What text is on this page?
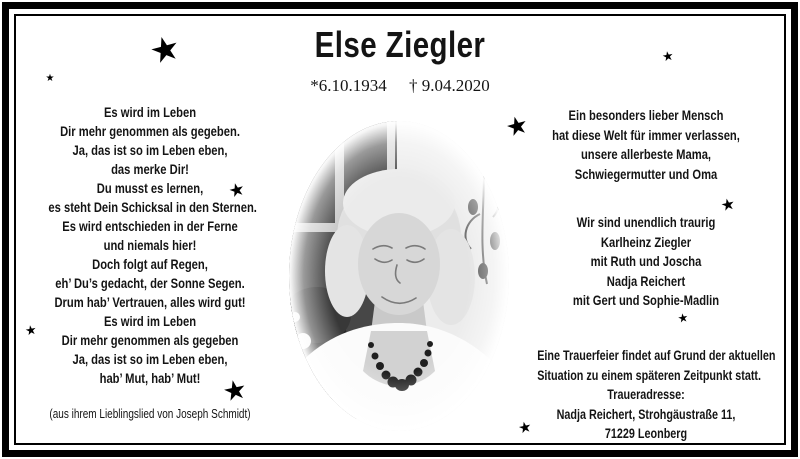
Else Ziegler
*6.10.1934 † 9.04.2020
Es wird im Leben
Dir mehr genommen als gegeben.
Ja, das ist so im Leben eben,
das merke Dir!
Du musst es lernen,
es steht Dein Schicksal in den Sternen.
Es wird entschieden in der Ferne
und niemals hier!
Doch folgt auf Regen,
eh’ Du’s gedacht, der Sonne Segen.
Drum hab’ Vertrauen, alles wird gut!
Es wird im Leben
Dir mehr genommen als gegeben
Ja, das ist so im Leben eben,
hab’ Mut, hab’ Mut!
(aus ihrem Lieblingslied von Joseph Schmidt)
Ein besonders lieber Mensch
hat diese Welt für immer verlassen,
unsere allerbeste Mama,
Schwiegermutter und Oma
Wir sind unendlich traurig
Karlheinz Ziegler
mit Ruth und Joscha
Nadja Reichert
mit Gert und Sophie-Madlin
Eine Trauerfeier findet auf Grund der aktuellen
Situation zu einem späteren Zeitpunkt statt.
Traueradresse:
Nadja Reichert, Strohgäustraße 11,
71229 Leonberg
★
★
★
★
★
★
★
★
★
★
